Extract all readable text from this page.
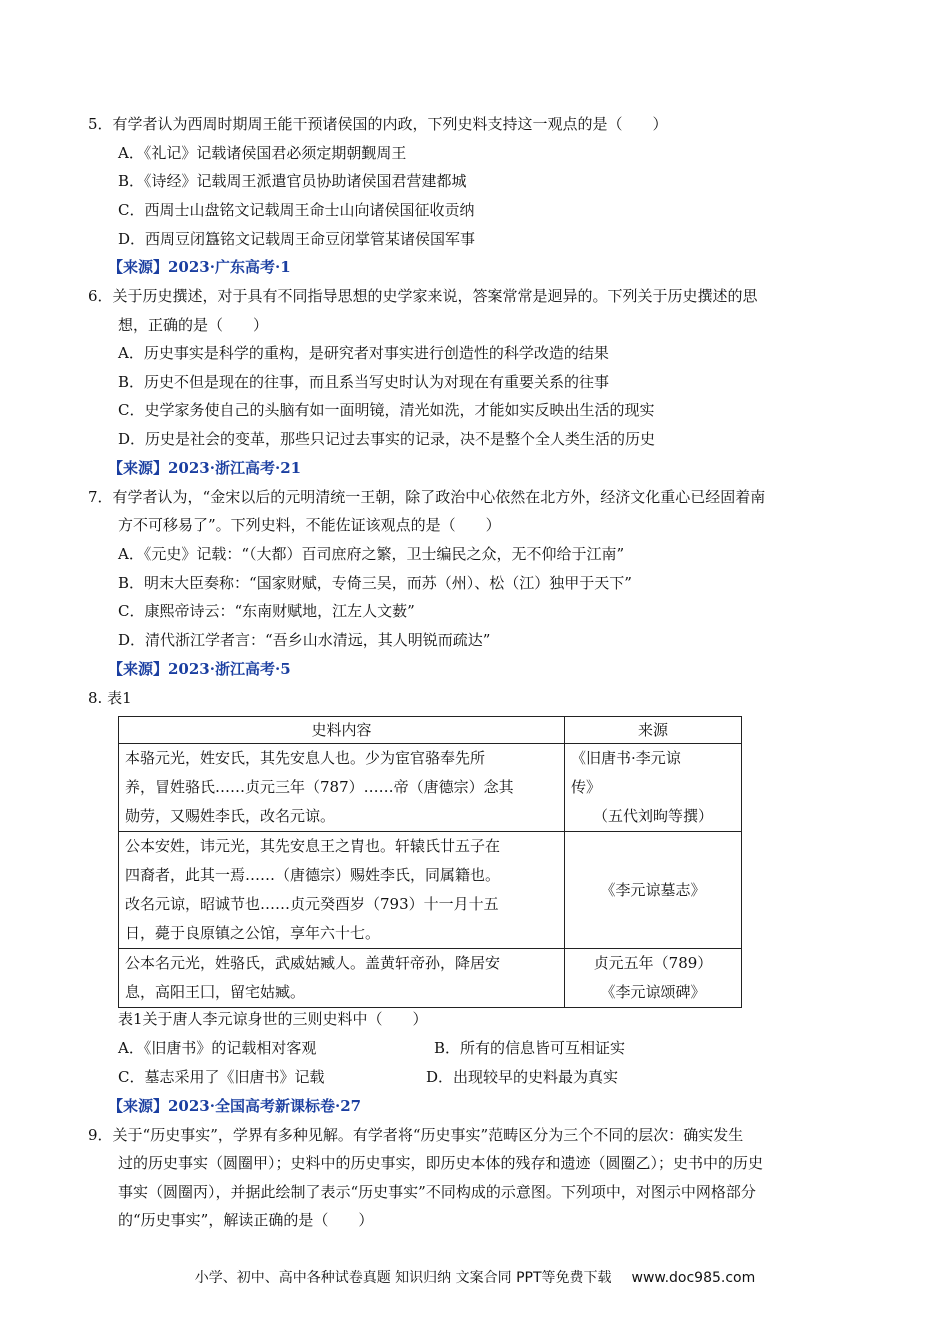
5．有学者认为西周时期周王能干预诸侯国的内政，下列史料支持这一观点的是（　　）
A．《礼记》记载诸侯国君必须定期朝觐周王
B．《诗经》记载周王派遣官员协助诸侯国君营建都城
C．西周士山盘铭文记载周王命士山向诸侯国征收贡纳
D．西周豆闭簋铭文记载周王命豆闭掌管某诸侯国军事
【来源】2023·广东高考·1
6．关于历史撰述，对于具有不同指导思想的史学家来说，答案常常是迥异的。下列关于历史撰述的思
想，正确的是（　　）
A．历史事实是科学的重构，是研究者对事实进行创造性的科学改造的结果
B．历史不但是现在的往事，而且系当写史时认为对现在有重要关系的往事
C．史学家务使自己的头脑有如一面明镜，清光如洗，才能如实反映出生活的现实
D．历史是社会的变革，那些只记过去事实的记录，决不是整个全人类生活的历史
【来源】2023·浙江高考·21
7．有学者认为，“金宋以后的元明清统一王朝，除了政治中心依然在北方外，经济文化重心已经固着南
方不可移易了”。下列史料，不能佐证该观点的是（　　）
A．《元史》记载：“（大都）百司庶府之繁，卫士编民之众，无不仰给于江南”
B．明末大臣奏称：“国家财赋，专倚三吴，而苏（州）、松（江）独甲于天下”
C．康熙帝诗云：“东南财赋地，江左人文薮”
D．清代浙江学者言：“吾乡山水清远，其人明锐而疏达”
【来源】2023·浙江高考·5
8. 表1
史料内容	来源

本骆元光，姓安氏，其先安息人也。少为宦官骆奉先所
养，冒姓骆氏……贞元三年（787）……帝（唐德宗）念其
勋劳，又赐姓李氏，改名元谅。	《旧唐书·李元谅
传》
（五代刘昫等撰）

公本安姓，讳元光，其先安息王之胄也。轩辕氏廿五子在
四裔者，此其一焉……（唐德宗）赐姓李氏，同属籍也。
改名元谅，昭诚节也……贞元癸酉岁（793）十一月十五
日，薨于良原镇之公馆，享年六十七。	《李元谅墓志》

公本名元光，姓骆氏，武威姑臧人。盖黄轩帝孙，降居安
息，高阳王囗，留宅姑臧。	贞元五年（789）
《李元谅颂碑》
表1关于唐人李元谅身世的三则史料中（　　）
A．《旧唐书》的记载相对客观	B．所有的信息皆可互相证实
C．墓志采用了《旧唐书》记载	D．出现较早的史料最为真实
【来源】2023·全国高考新课标卷·27
9．关于“历史事实”，学界有多种见解。有学者将“历史事实”范畴区分为三个不同的层次：确实发生
过的历史事实（圆圈甲）；史料中的历史事实，即历史本体的残存和遗迹（圆圈乙）；史书中的历史
事实（圆圈丙），并据此绘制了表示“历史事实”不同构成的示意图。下列项中，对图示中网格部分
的“历史事实”，解读正确的是（　　）
小学、初中、高中各种试卷真题 知识归纳 文案合同 PPT等免费下载 www.doc985.com
